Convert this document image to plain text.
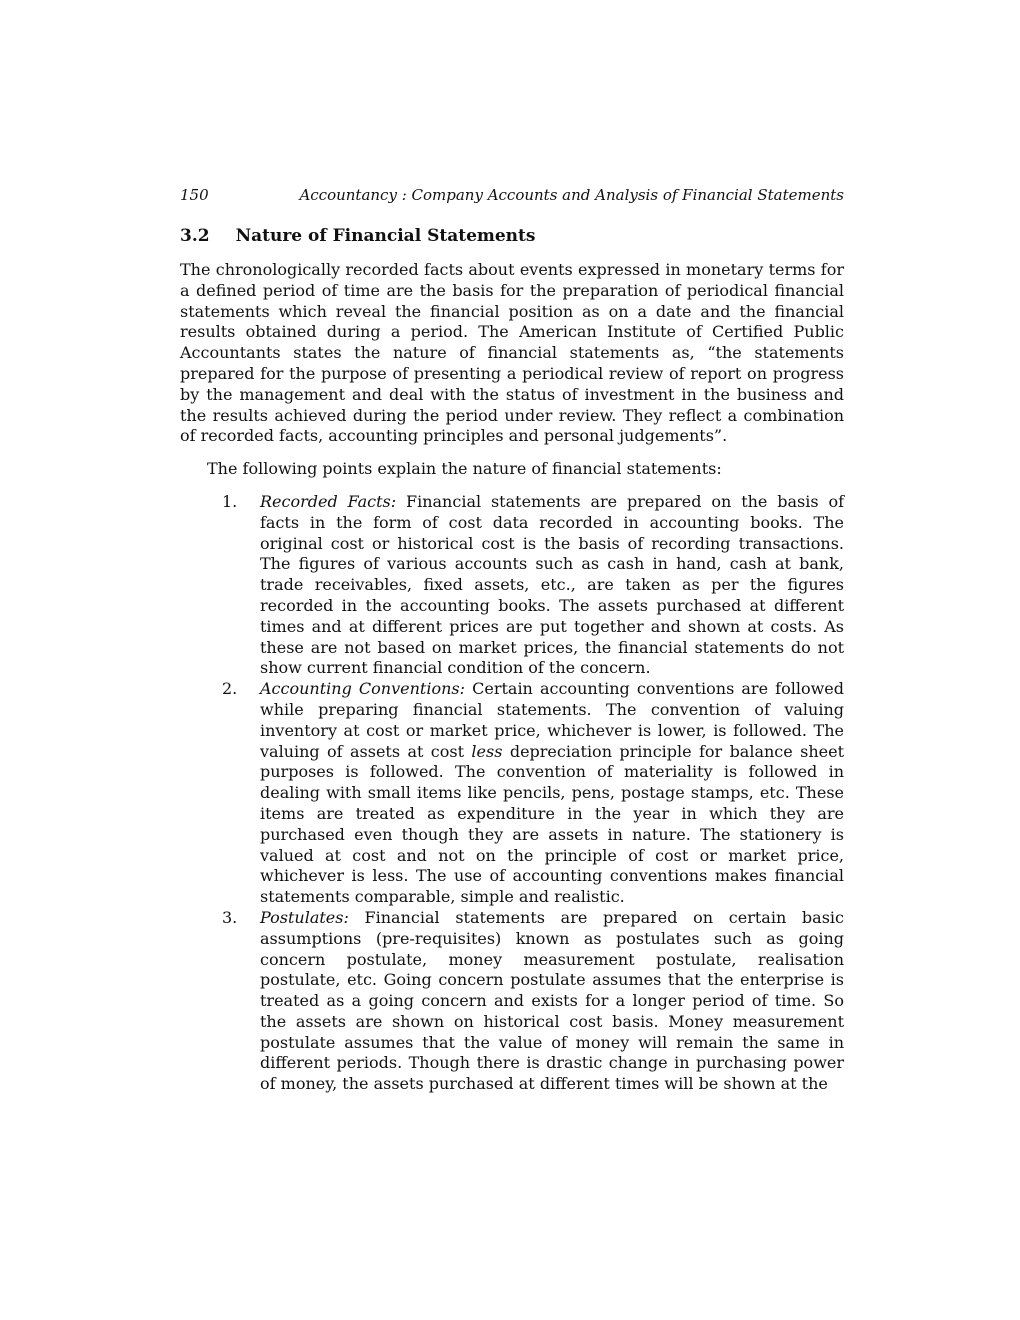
150	Accountancy : Company Accounts and Analysis of Financial Statements
3.2 Nature of Financial Statements

The chronologically recorded facts about events expressed in monetary terms for a defined period of time are the basis for the preparation of periodical financial statements which reveal the financial position as on a date and the financial results obtained during a period. The American Institute of Certified Public Accountants states the nature of financial statements as, “the statements prepared for the purpose of presenting a periodical review of report on progress by the management and deal with the status of investment in the business and the results achieved during the period under review. They reflect a combination of recorded facts, accounting principles and personal judgements”.

The following points explain the nature of financial statements:

1. Recorded Facts: Financial statements are prepared on the basis of facts in the form of cost data recorded in accounting books. The original cost or historical cost is the basis of recording transactions. The figures of various accounts such as cash in hand, cash at bank, trade receivables, fixed assets, etc., are taken as per the figures recorded in the accounting books. The assets purchased at different times and at different prices are put together and shown at costs. As these are not based on market prices, the financial statements do not show current financial condition of the concern.
2. Accounting Conventions: Certain accounting conventions are followed while preparing financial statements. The convention of valuing inventory at cost or market price, whichever is lower, is followed. The valuing of assets at cost less depreciation principle for balance sheet purposes is followed. The convention of materiality is followed in dealing with small items like pencils, pens, postage stamps, etc. These items are treated as expenditure in the year in which they are purchased even though they are assets in nature. The stationery is valued at cost and not on the principle of cost or market price, whichever is less. The use of accounting conventions makes financial statements comparable, simple and realistic.
3. Postulates: Financial statements are prepared on certain basic assumptions (pre-requisites) known as postulates such as going concern postulate, money measurement postulate, realisation postulate, etc. Going concern postulate assumes that the enterprise is treated as a going concern and exists for a longer period of time. So the assets are shown on historical cost basis. Money measurement postulate assumes that the value of money will remain the same in different periods. Though there is drastic change in purchasing power of money, the assets purchased at different times will be shown at the
